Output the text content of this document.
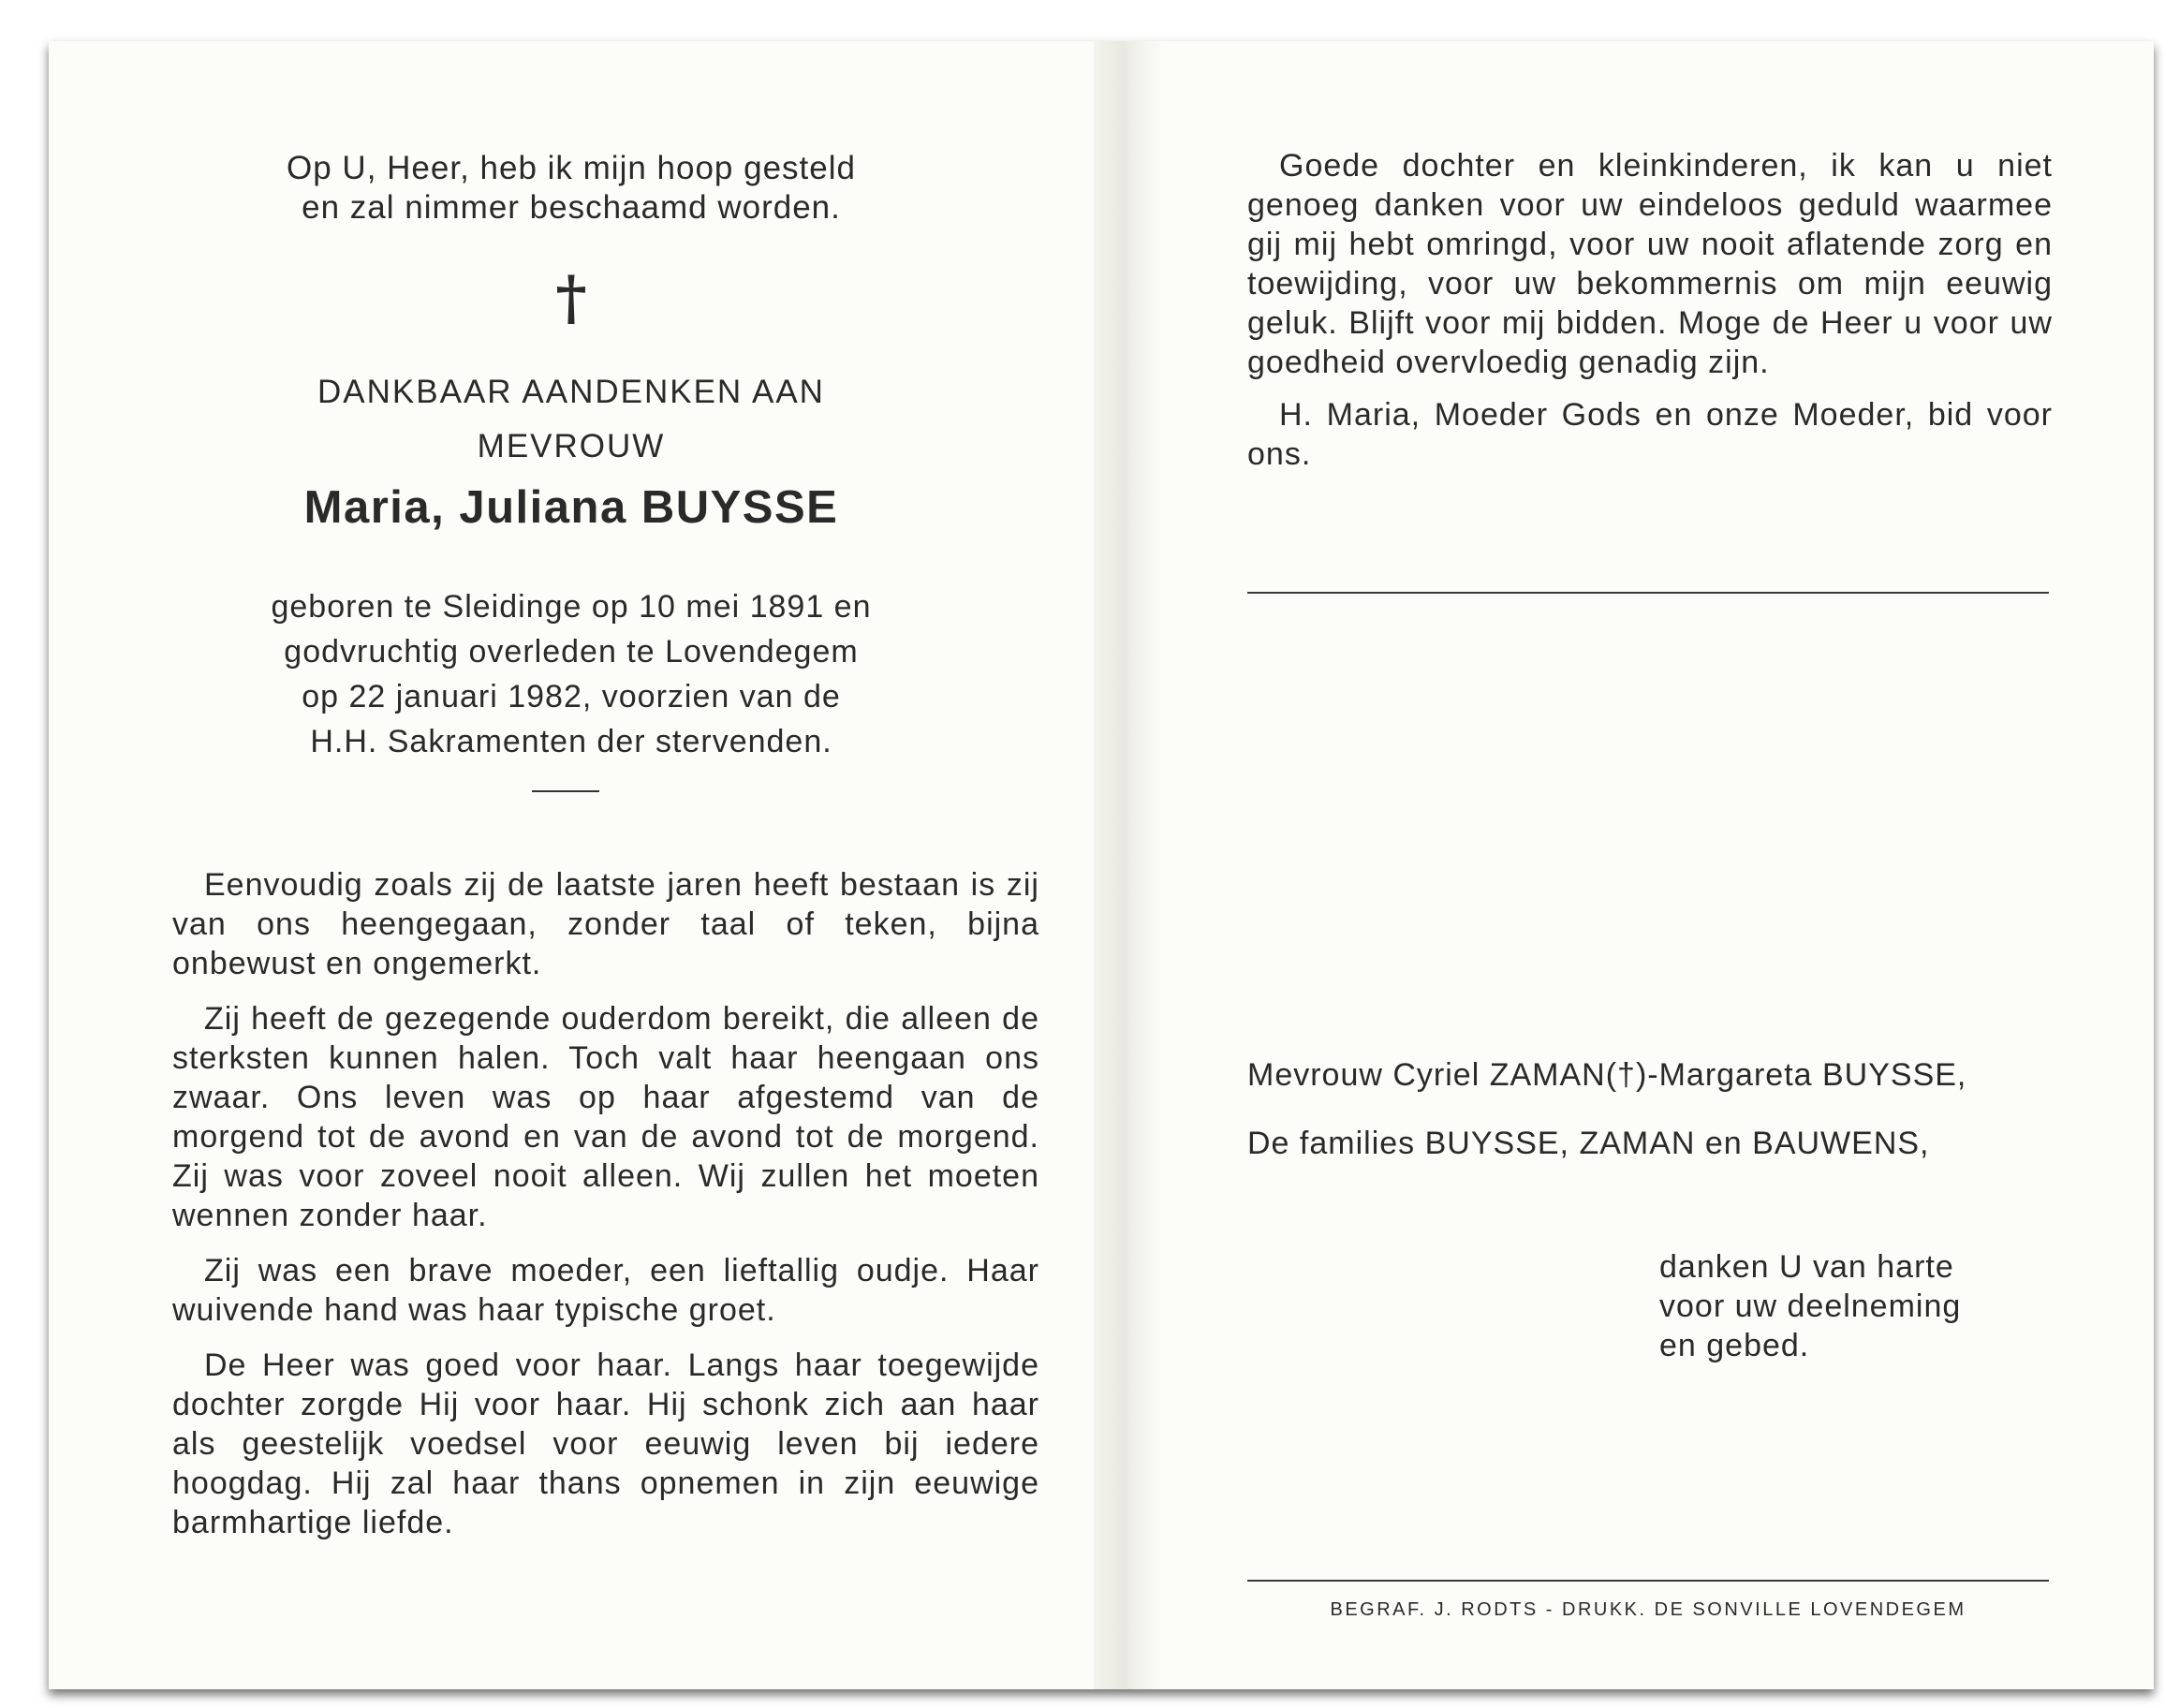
Op U, Heer, heb ik mijn hoop gesteld
en zal nimmer beschaamd worden.
†
DANKBAAR AANDENKEN AAN
MEVROUW
Maria, Juliana BUYSSE
geboren te Sleidinge op 10 mei 1891 en
godvruchtig overleden te Lovendegem
op 22 januari 1982, voorzien van de
H.H. Sakramenten der stervenden.

Eenvoudig zoals zij de laatste jaren heeft bestaan is zij van ons heengegaan, zonder taal of teken, bijna onbewust en ongemerkt.

Zij heeft de gezegende ouderdom bereikt, die alleen de sterksten kunnen halen. Toch valt haar heengaan ons zwaar. Ons leven was op haar afgestemd van de morgend tot de avond en van de avond tot de morgend. Zij was voor zoveel nooit alleen. Wij zullen het moeten wennen zonder haar.

Zij was een brave moeder, een lieftallig oudje. Haar wuivende hand was haar typische groet.

De Heer was goed voor haar. Langs haar toegewijde dochter zorgde Hij voor haar. Hij schonk zich aan haar als geestelijk voedsel voor eeuwig leven bij iedere hoogdag. Hij zal haar thans opnemen in zijn eeuwige barmhartige liefde.

Goede dochter en kleinkinderen, ik kan u niet genoeg danken voor uw eindeloos geduld waarmee gij mij hebt omringd, voor uw nooit aflatende zorg en toewijding, voor uw bekommernis om mijn eeuwig geluk. Blijft voor mij bidden. Moge de Heer u voor uw goedheid overvloedig genadig zijn.

H. Maria, Moeder Gods en onze Moeder, bid voor ons.

Mevrouw Cyriel ZAMAN(†)-Margareta BUYSSE,
De families BUYSSE, ZAMAN en BAUWENS,
danken U van harte
voor uw deelneming
en gebed.
BEGRAF. J. RODTS - DRUKK. DE SONVILLE LOVENDEGEM
